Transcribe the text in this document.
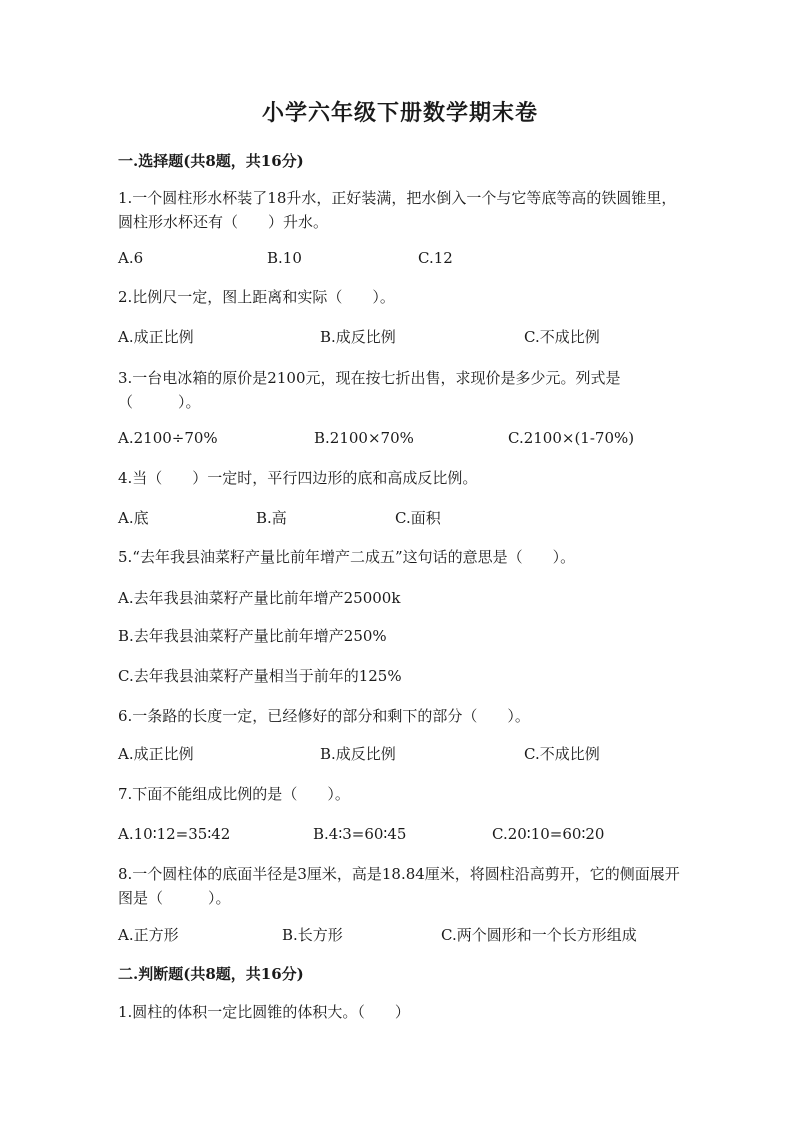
小学六年级下册数学期末卷
一.选择题(共8题，共16分)
1.一个圆柱形水杯装了18升水，正好装满，把水倒入一个与它等底等高的铁圆锥里，圆柱形水杯还有（　　）升水。
A.6	B.10	C.12
2.比例尺一定，图上距离和实际（　　）。
A.成正比例	B.成反比例	C.不成比例
3.一台电冰箱的原价是2100元，现在按七折出售，求现价是多少元。列式是（　　　）。
A.2100÷70%	B.2100×70%	C.2100×(1-70%)
4.当（　　）一定时，平行四边形的底和高成反比例。
A.底	B.高	C.面积
5.“去年我县油菜籽产量比前年增产二成五”这句话的意思是（　　）。
A.去年我县油菜籽产量比前年增产25000k
B.去年我县油菜籽产量比前年增产250%
C.去年我县油菜籽产量相当于前年的125%
6.一条路的长度一定，已经修好的部分和剩下的部分（　　）。
A.成正比例	B.成反比例	C.不成比例
7.下面不能组成比例的是（　　）。
A.10∶12=35∶42	B.4∶3=60∶45	C.20∶10=60∶20
8.一个圆柱体的底面半径是3厘米，高是18.84厘米，将圆柱沿高剪开，它的侧面展开图是（　　　）。
A.正方形	B.长方形	C.两个圆形和一个长方形组成
二.判断题(共8题，共16分)
1.圆柱的体积一定比圆锥的体积大。（　　）
